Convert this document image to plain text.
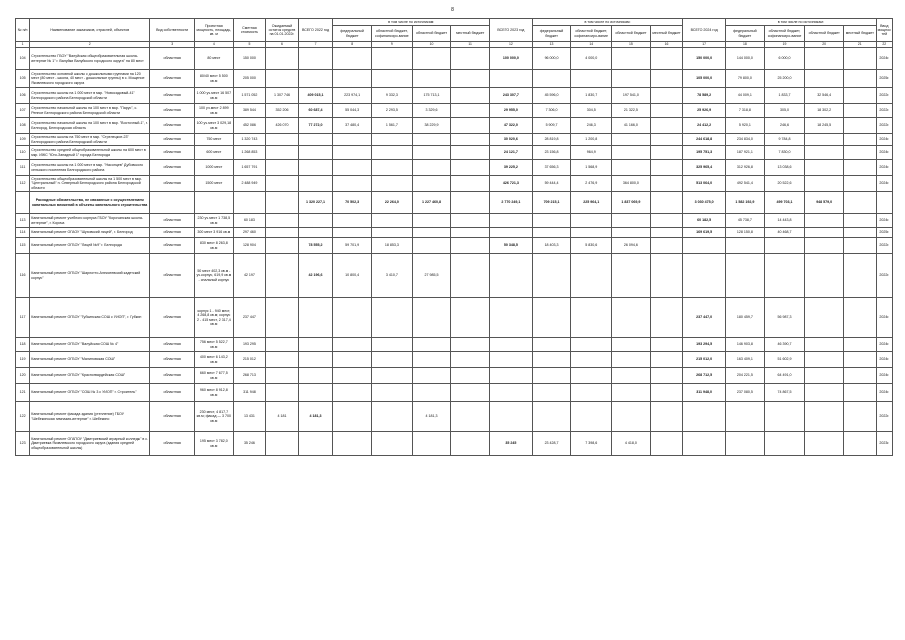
8
№ п/п	Наименование заказчиков, отраслей, объектов	Вид собственности	Проектная мощность, площадь, кв. м	Сметная стоимость	Ожидаемый остаток средств на 01.01.2022г.	ВСЕГО 2022 год	в том числе по источникам:				ВСЕГО 2023 год	в том числе по источникам:				ВСЕГО 2024 год	в том числе по источникам:				Ввод мощностей
							федеральный бюджет	областной бюджет, софинансиро-вание	областной бюджет	местный бюджет		федеральный бюджет	областной бюджет, софинансиро-вание	областной бюджет	местный бюджет		федеральный бюджет	областной бюджет, софинансиро-вание	областной бюджет	местный бюджет	
1	2	3	4	5	6	7	8	9	10	11	12	13	14	15	16	17	18	19	20	21	22
104	Строительство ГБОУ "Валуйская общеобразовательная школа-интернат № 1" г. Валуйки Валуйского городского округа" на 80 мест	областная	80 мест	150 000							100 000,0	96 000,0	4 000,0			150 000,0	144 000,0	6 000,0			2024г.
105	Строительство основной школы с дошкольными группами на 120 мест (80 мест - школа, 40 мест - дошкольные группы) в с. Мощеное Яковлевского городского округа	областная	80/40 мест 5 500 кв.м	205 000												105 000,0	79 800,0	25 200,0			2025г.
106	Строительство школы на 1 000 мест в мкр. "Новосадовый-41" Белгородского района Белгородской области	областная	1 000 уч.мест 16 507 кв.м	1 571 052	1 307 746	409 015,1	223 974,1	9 332,3	175 713,1		243 307,7	45 596,0	1 830,7	197 541,0		78 589,2	44 009,1	1 833,7	32 546,4		2022г.
107	Строительство начальной школы на 100 мест в мкр. "Парус", с. Репное Белгородского района Белгородской области	областная	100 уч.мест 2 899 кв.м	389 544	352 206	60 687,4	55 044,3	2 293,5	3 329,6		29 955,0	7 306,0	304,5	21 322,5		25 926,9	7 318,8	305,0	18 302,2		2022г.
108	Строительство начальной школы на 100 мест в мкр. "Восточный-1", г. Белгород, Белгородская область	областная	100 уч.мест 3 029,18 кв.м	452 086	426 070	77 272,0	37 480,4	1 561,7	38 229,9		47 322,0	5 909,7	246,3	41 166,0		24 412,2	5 920,1	246,6	18 245,5		2022г.
109	Строительство школы на 750 мест в мкр. "Стрелецкое-23" Белгородского района Белгородской области	областная	750 мест	1 320 743							30 020,6	28 819,8	1 200,8			244 618,8	234 834,0	9 784,8			2024г.
110	Строительство средней общеобразовательной школы на 600 мест в мкр. ИЖС "Юго-Западный 1" города Белгорода	областная	600 мест	1 268 853							24 121,7	23 156,8	964,9			195 751,3	187 921,1	7 830,0			2024г.
111	Строительство школы на 1 000 мест в мкр. "Насонцев" Дубовского сельского поселения Белгородского района	областная	1000 мест	1 657 791							39 225,2	37 656,3	1 568,9			325 965,4	312 926,8	13 038,6			2024г.
112	Строительство общеобразовательной школы на 1 500 мест в мкр. "Центральный" п. Северный Белгородского района Белгородской области	областная	1500 мест	2 488 949							426 721,3	59 444,4	2 476,9	364 800,0		513 064,0	492 541,4	20 522,6			2024г.
	Расходные обязательства, не связанные с осуществлением капитальных вложений в объекты капитального строительства					1 320 227,1	70 502,3	22 264,0	1 227 460,8		2 770 249,1	709 215,1	225 964,1	1 837 069,9		3 030 475,0	1 582 192,9	499 703,1	948 579,0		
113	Капитальный ремонт учебного корпуса ГБОУ "Корочанская школа-интернат", г. Короча	областная	230 уч.мест 1 738,5 кв.м	60 183												60 182,5	45 738,7	14 443,8			2024г.
114	Капитальный ремонт ОГАОУ "Шуховский лицей", г. Белгород	областная	300 мест 3 916 кв.м	297 460												169 619,5	128 150,8	40 468,7			2025г.
115	Капитальный ремонт ОГБОУ "Лицей №9" г. Белгорода	областная	830 мест 8 263,8 кв.м	128 904		78 555,2	59 701,9	18 853,3			50 348,5	18 403,3	5 830,6	26 094,6							2022г.
116	Капитальный ремонт ОГБОУ "Шарлотто-Алексеевский кадетский корпус"	областная	50 мест 402,3 кв.м - уч.корпус, 619,9 кв.м - спальный корпус	42 197		42 196,6	10 800,4	3 410,7	27 985,5												2022г.
117	Капитальный ремонт ОГБОУ "Губкинская СОШ с УИОП", г. Губкин	областная	корпус 1 - 940 мест, 4 268,8 кв.м; корпус 2 - 415 мест, 2 317,4 кв.м	237 447												237 447,0	180 459,7	56 987,3			2024г.
118	Капитальный ремонт ОГБОУ "Валуйская СОШ № 4"	областная	756 мест 5 522,7 кв.м	193 295												193 294,5	146 903,8	46 390,7			2024г.
119	Капитальный ремонт ОГБОУ "Малиновская СОШ"	областная	400 мест 6 143,2 кв.м	215 012												215 012,0	163 409,1	51 602,9			2024г.
120	Капитальный ремонт ОГБОУ "Красногвардейская СОШ"	областная	660 мест 7 677,5 кв.м	268 713												268 712,5	204 221,5	64 491,0			2024г.
121	Капитальный ремонт ОГБОУ "СОШ № 3 с УИОП" г. Строитель"	областная	960 мест 8 912,8 кв.м	311 948												311 948,0	237 080,5	74 867,5			2024г.
122	Капитальный ремонт фасада здания (утепление) ГБОУ "Шебекинская гимназия-интернат" г. Шебекино	областная	230 мест, 4 817,7 кв.м; фасад — 3 700 кв.м	13 431	4 181	4 181,3			4 181,3												2022г.
123	Капитальный ремонт ОГАПОУ "Дмитриевский аграрный колледж" в с. Дмитриевка Яковлевского городского округа (здания средней общеобразовательной школы)	областная	195 мест 3 782,0 кв.м	35 246							35 245	23 428,7	7 398,6	4 418,0							2023г.
